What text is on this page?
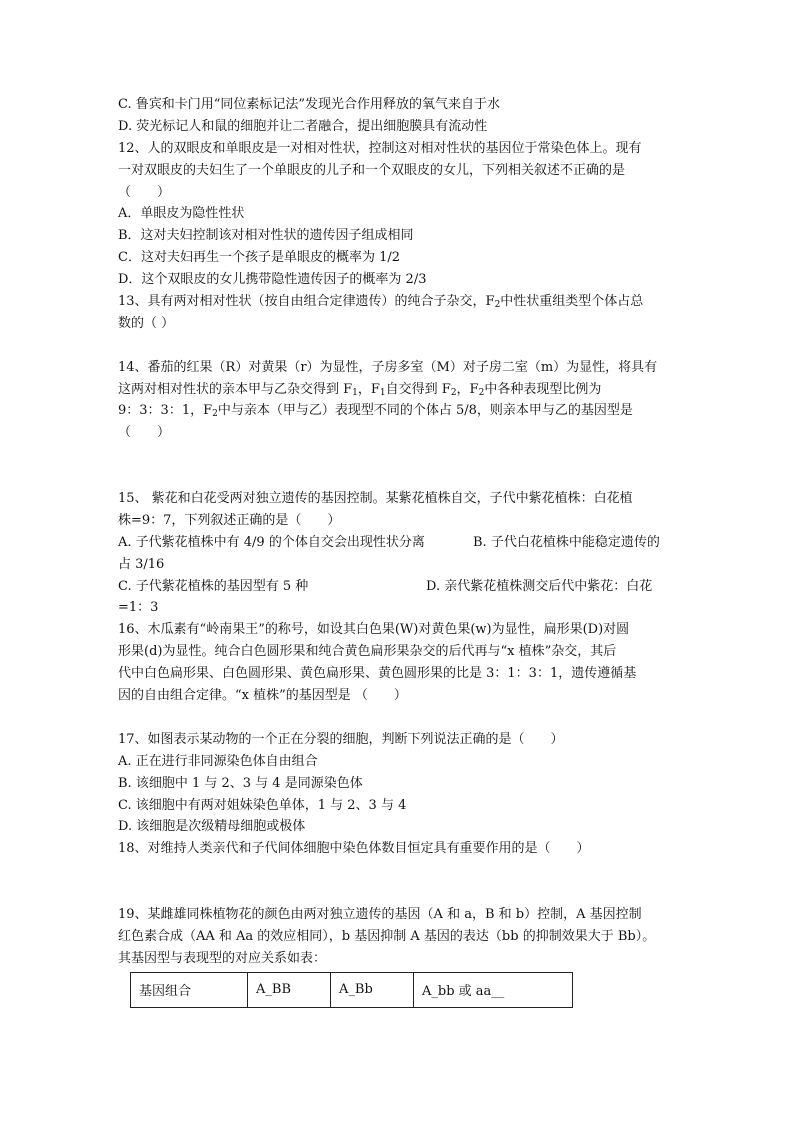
C. 鲁宾和卡门用“同位素标记法”发现光合作用释放的氧气来自于水
D. 荧光标记人和鼠的细胞并让二者融合，提出细胞膜具有流动性
12、人的双眼皮和单眼皮是一对相对性状，控制这对相对性状的基因位于常染色体上。现有
一对双眼皮的夫妇生了一个单眼皮的儿子和一个双眼皮的女儿，下列相关叙述不正确的是
（　　）
A．单眼皮为隐性性状
B．这对夫妇控制该对相对性状的遗传因子组成相同
C．这对夫妇再生一个孩子是单眼皮的概率为 1/2
D．这个双眼皮的女儿携带隐性遗传因子的概率为 2/3
13、具有两对相对性状（按自由组合定律遗传）的纯合子杂交，$F_2$中性状重组类型个体占总
数的（ ）
14、番茄的红果（R）对黄果（r）为显性，子房多室（M）对子房二室（m）为显性，将具有
这两对相对性状的亲本甲与乙杂交得到 $F_1$，$F_1$自交得到 $F_2$，$F_2$中各种表现型比例为
9：3：3：1，$F_2$中与亲本（甲与乙）表现型不同的个体占 5/8，则亲本甲与乙的基因型是
（　　）
15、 紫花和白花受两对独立遗传的基因控制。某紫花植株自交，子代中紫花植株：白花植
株=9：7，下列叙述正确的是（　　）
A. 子代紫花植株中有 4/9 的个体自交会出现性状分离	B. 子代白花植株中能稳定遗传的
占 3/16
C. 子代紫花植株的基因型有 5 种	D. 亲代紫花植株测交后代中紫花：白花
=1：3
16、木瓜素有“岭南果王”的称号，如设其白色果(W)对黄色果(w)为显性，扁形果(D)对圆
形果(d)为显性。纯合白色圆形果和纯合黄色扁形果杂交的后代再与“x 植株”杂交，其后
代中白色扁形果、白色圆形果、黄色扁形果、黄色圆形果的比是 3：1：3：1，遗传遵循基
因的自由组合定律。“x 植株”的基因型是 （　　）
17、如图表示某动物的一个正在分裂的细胞，判断下列说法正确的是（　　）
A. 正在进行非同源染色体自由组合
B. 该细胞中 1 与 2、3 与 4 是同源染色体
C. 该细胞中有两对姐妹染色单体，1 与 2、3 与 4
D. 该细胞是次级精母细胞或极体
18、对维持人类亲代和子代间体细胞中染色体数目恒定具有重要作用的是（　　）
19、某雌雄同株植物花的颜色由两对独立遗传的基因（A 和 a，B 和 b）控制，A 基因控制
红色素合成（AA 和 Aa 的效应相同），b 基因抑制 A 基因的表达（bb 的抑制效果大于 Bb）。
其基因型与表现型的对应关系如表：
基因组合	A_BB	A_Bb	A_bb 或 aa__
